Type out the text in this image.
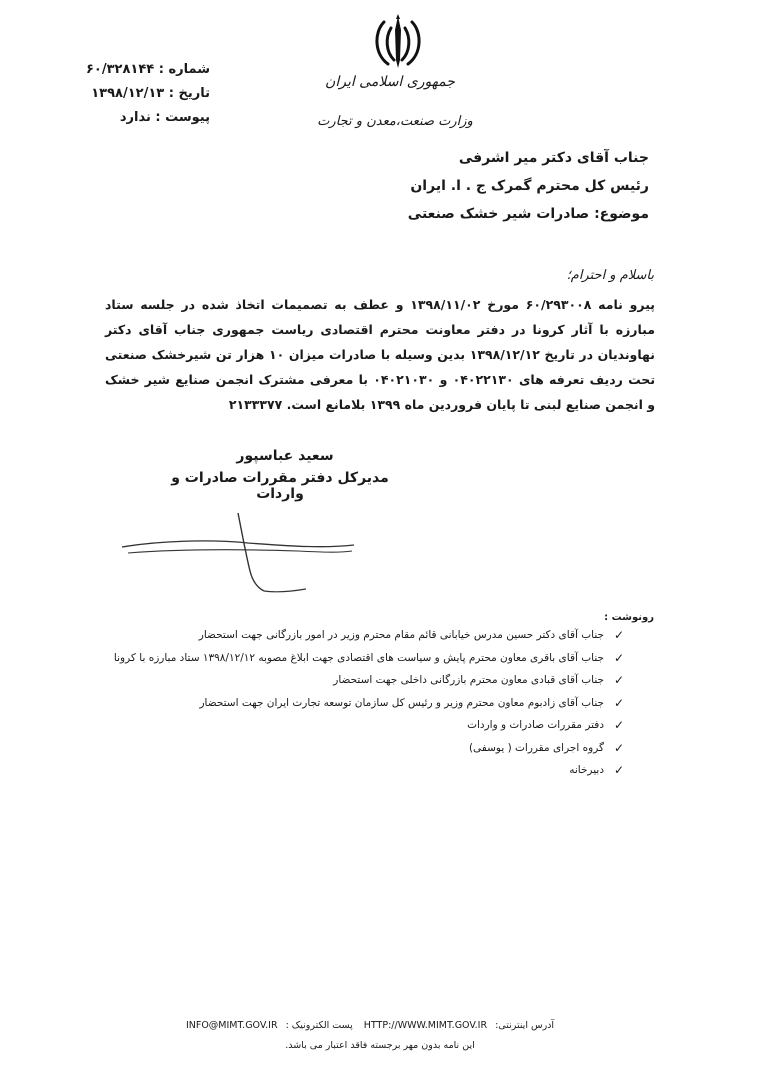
شماره : ۶۰/۳۲۸۱۴۴
تاریخ : ۱۳۹۸/۱۲/۱۳
پیوست : ندارد
جمهوری اسلامی ایران
وزارت صنعت،معدن و تجارت
جناب آقای دکتر میر اشرفی
رئیس کل محترم گمرک ج . ا. ایران
موضوع: صادرات شیر خشک صنعتی
باسلام و احترام؛
پیرو نامه ۶۰/۲۹۳۰۰۸ مورخ ۱۳۹۸/۱۱/۰۲ و عطف به تصمیمات اتخاذ شده در جلسه ستاد مبارزه با آثار کرونا در دفتر معاونت محترم اقتصادی ریاست جمهوری جناب آقای دکتر نهاوندیان در تاریخ ۱۳۹۸/۱۲/۱۲ بدین وسیله با صادرات میزان ۱۰ هزار تن شیرخشک صنعتی تحت ردیف تعرفه های ۰۴۰۲۲۱۳۰ و ۰۴۰۲۱۰۳۰ با معرفی مشترک انجمن صنایع شیر خشک و انجمن صنایع لبنی تا پایان فروردین ماه ۱۳۹۹ بلامانع است. ۲۱۳۳۳۷۷
سعید عباسپور
مدیرکل دفتر مقررات صادرات و واردات
رونوشت :
✓
جناب آقای دکتر حسین مدرس خیابانی قائم مقام محترم وزیر در امور بازرگانی جهت استحضار
✓
جناب آقای باقری معاون محترم پایش و سیاست های اقتصادی جهت ابلاغ مصوبه ۱۳۹۸/۱۲/۱۲ ستاد مبارزه با کرونا
✓
جناب آقای قبادی معاون محترم بازرگانی داخلی جهت استحضار
✓
جناب آقای زادبوم معاون محترم وزیر و رئیس کل سازمان توسعه تجارت ایران جهت استحضار
✓
دفتر مقررات صادرات و واردات
✓
گروه اجرای مقررات ( یوسفی)
✓
دبیرخانه
آدرس اینترنتی:HTTP://WWW.MIMT.GOV.IR پست الکترونیک :INFO@MIMT.GOV.IR
این نامه بدون مهر برجسته فاقد اعتبار می باشد.
